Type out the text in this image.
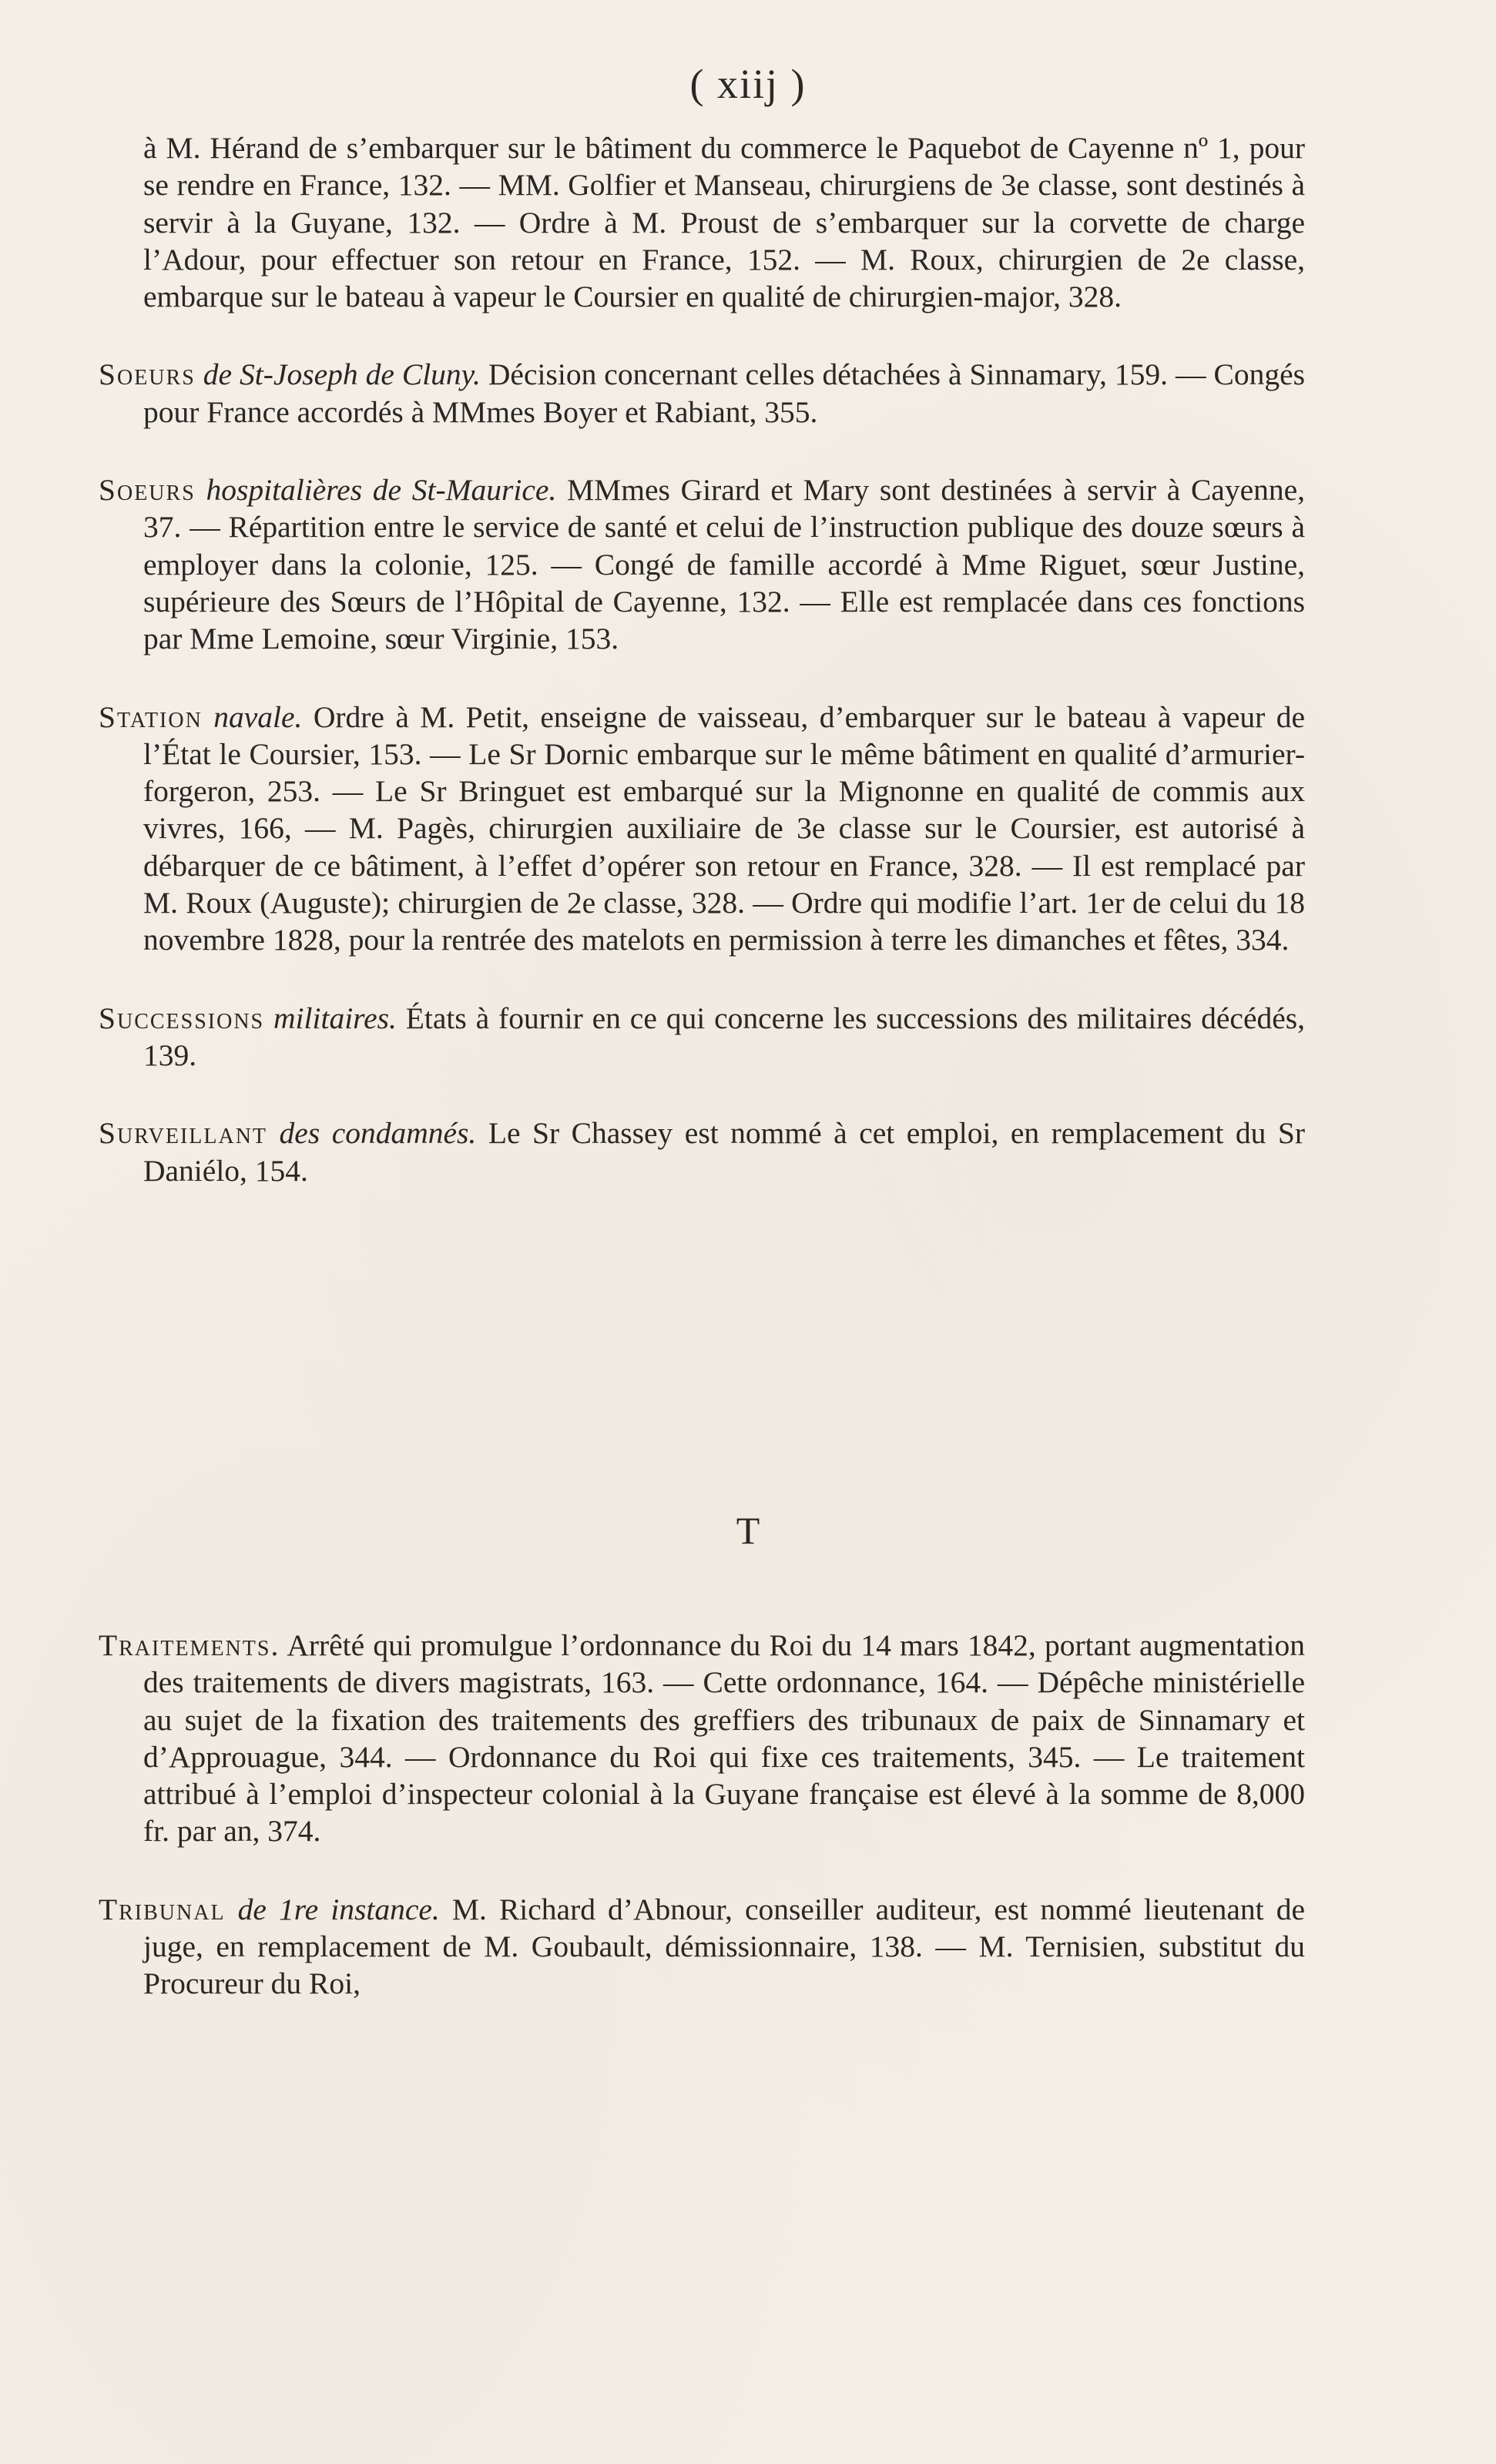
( xiij )

à M. Hérand de s’embarquer sur le bâtiment du commerce le Paquebot de Cayenne nº 1, pour se rendre en France, 132. — MM. Golfier et Manseau, chirurgiens de 3e classe, sont destinés à servir à la Guyane, 132. — Ordre à M. Proust de s’embarquer sur la corvette de charge l’Adour, pour effectuer son retour en France, 152. — M. Roux, chirurgien de 2e classe, embarque sur le bateau à vapeur le Coursier en qualité de chirurgien-major, 328.

Soeurs de St-Joseph de Cluny. Décision concernant celles détachées à Sinnamary, 159. — Congés pour France accordés à MMmes Boyer et Rabiant, 355.

Soeurs hospitalières de St-Maurice. MMmes Girard et Mary sont destinées à servir à Cayenne, 37. — Répartition entre le service de santé et celui de l’instruction publique des douze sœurs à employer dans la colonie, 125. — Congé de famille accordé à Mme Riguet, sœur Justine, supérieure des Sœurs de l’Hôpital de Cayenne, 132. — Elle est remplacée dans ces fonctions par Mme Lemoine, sœur Virginie, 153.

Station navale. Ordre à M. Petit, enseigne de vaisseau, d’embarquer sur le bateau à vapeur de l’État le Coursier, 153. — Le Sr Dornic embarque sur le même bâtiment en qualité d’armurier-forgeron, 253. — Le Sr Bringuet est embarqué sur la Mignonne en qualité de commis aux vivres, 166, — M. Pagès, chirurgien auxiliaire de 3e classe sur le Coursier, est autorisé à débarquer de ce bâtiment, à l’effet d’opérer son retour en France, 328. — Il est remplacé par M. Roux (Auguste); chirurgien de 2e classe, 328. — Ordre qui modifie l’art. 1er de celui du 18 novembre 1828, pour la rentrée des matelots en permission à terre les dimanches et fêtes, 334.

Successions militaires. États à fournir en ce qui concerne les successions des militaires décédés, 139.

Surveillant des condamnés. Le Sr Chassey est nommé à cet emploi, en remplacement du Sr Daniélo, 154.

T

Traitements. Arrêté qui promulgue l’ordonnance du Roi du 14 mars 1842, portant augmentation des traitements de divers magistrats, 163. — Cette ordonnance, 164. — Dépêche ministérielle au sujet de la fixation des traitements des greffiers des tribunaux de paix de Sinnamary et d’Approuague, 344. — Ordonnance du Roi qui fixe ces traitements, 345. — Le traitement attribué à l’emploi d’inspecteur colonial à la Guyane française est élevé à la somme de 8,000 fr. par an, 374.

Tribunal de 1re instance. M. Richard d’Abnour, conseiller auditeur, est nommé lieutenant de juge, en remplacement de M. Goubault, démissionnaire, 138. — M. Ternisien, substitut du Procureur du Roi,
